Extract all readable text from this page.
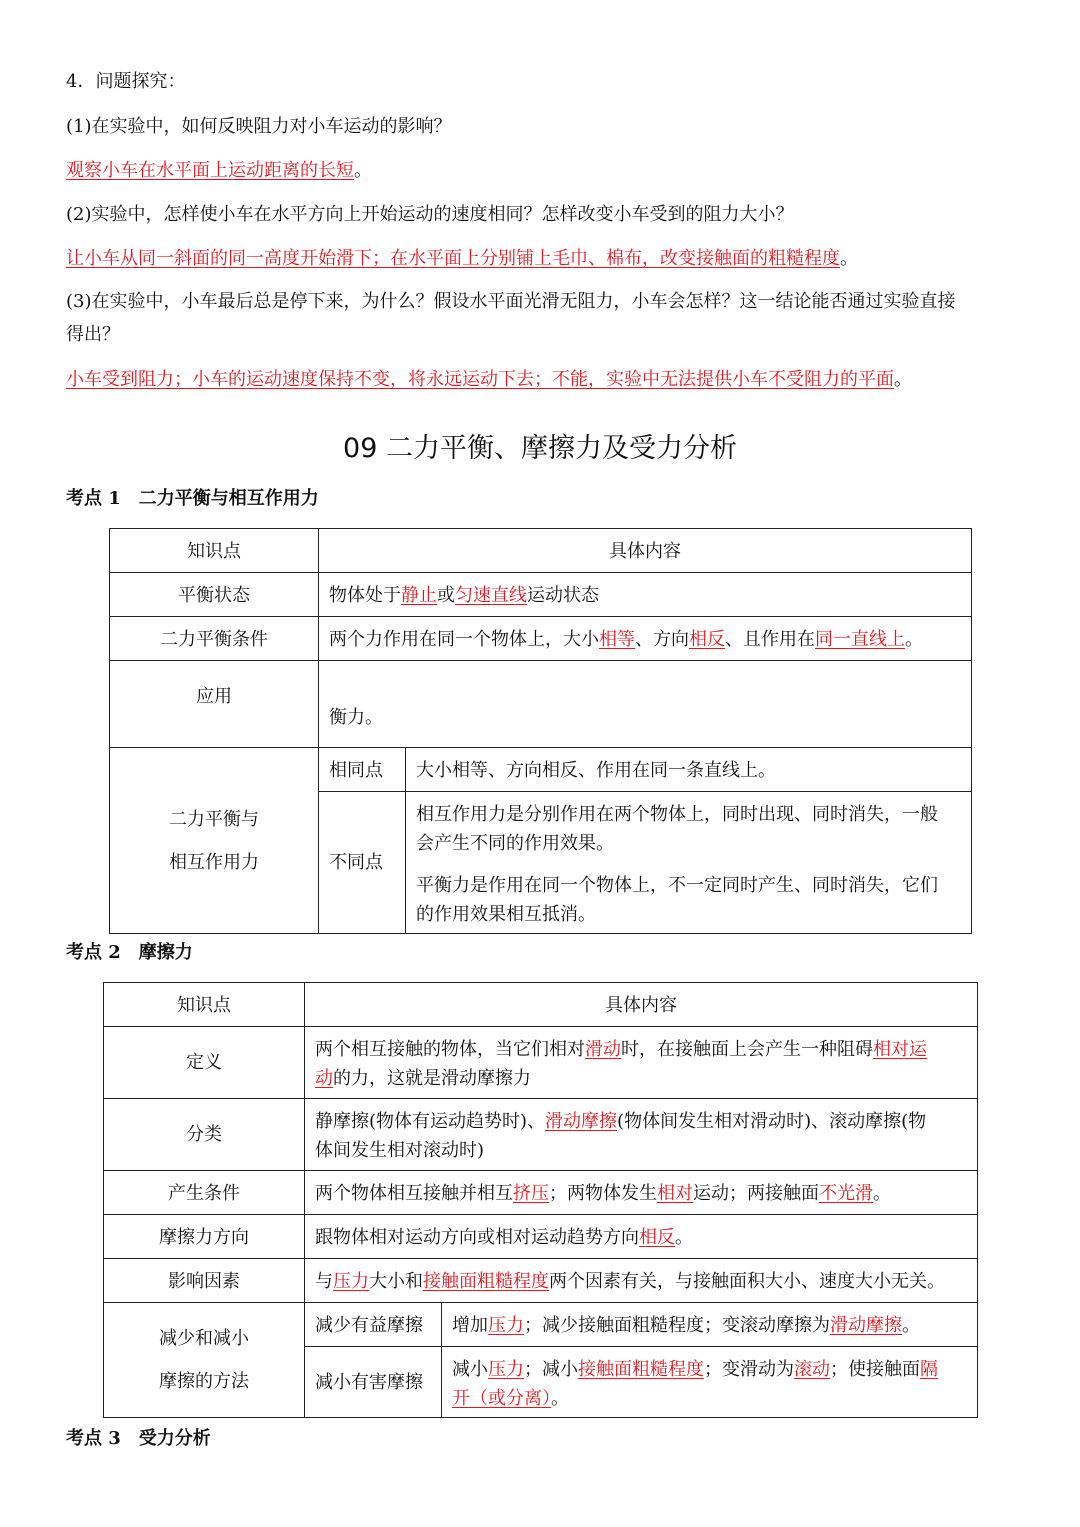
4．问题探究：
(1)在实验中，如何反映阻力对小车运动的影响？
观察小车在水平面上运动距离的长短。
(2)实验中，怎样使小车在水平方向上开始运动的速度相同？怎样改变小车受到的阻力大小？
让小车从同一斜面的同一高度开始滑下；在水平面上分别铺上毛巾、棉布，改变接触面的粗糙程度。
(3)在实验中，小车最后总是停下来，为什么？假设水平面光滑无阻力，小车会怎样？这一结论能否通过实验直接
得出？
小车受到阻力；小车的运动速度保持不变，将永远运动下去；不能，实验中无法提供小车不受阻力的平面。
09 二力平衡、摩擦力及受力分析
考点 1 二力平衡与相互作用力
知识点	具体内容	

平衡状态	物体处于静止或匀速直线运动状态	

二力平衡条件	两个力作用在同一个物体上，大小相等、方向相反、且作用在同一直线上。	

应用	衡力。	

二力平衡与
相互作用力	相同点	大小相等、方向相反、作用在同一条直线上。

	不同点	相互作用力是分别作用在两个物体上，同时出现、同时消失，一般
会产生不同的作用效果。
平衡力是作用在同一个物体上，不一定同时产生、同时消失，它们
的作用效果相互抵消。
考点 2 摩擦力
知识点	具体内容	

定义	两个相互接触的物体，当它们相对滑动时，在接触面上会产生一种阻碍相对运
动的力，这就是滑动摩擦力	

分类	静摩擦(物体有运动趋势时)、滑动摩擦(物体间发生相对滑动时)、滚动摩擦(物
体间发生相对滚动时)	

产生条件	两个物体相互接触并相互挤压；两物体发生相对运动；两接触面不光滑。	

摩擦力方向	跟物体相对运动方向或相对运动趋势方向相反。	

影响因素	与压力大小和接触面粗糙程度两个因素有关，与接触面积大小、速度大小无关。	

减少和减小
摩擦的方法	减少有益摩擦	增加压力；减少接触面粗糙程度；变滚动摩擦为滑动摩擦。

	减小有害摩擦	减小压力；减小接触面粗糙程度；变滑动为滚动；使接触面隔
开（或分离）。
考点 3 受力分析
